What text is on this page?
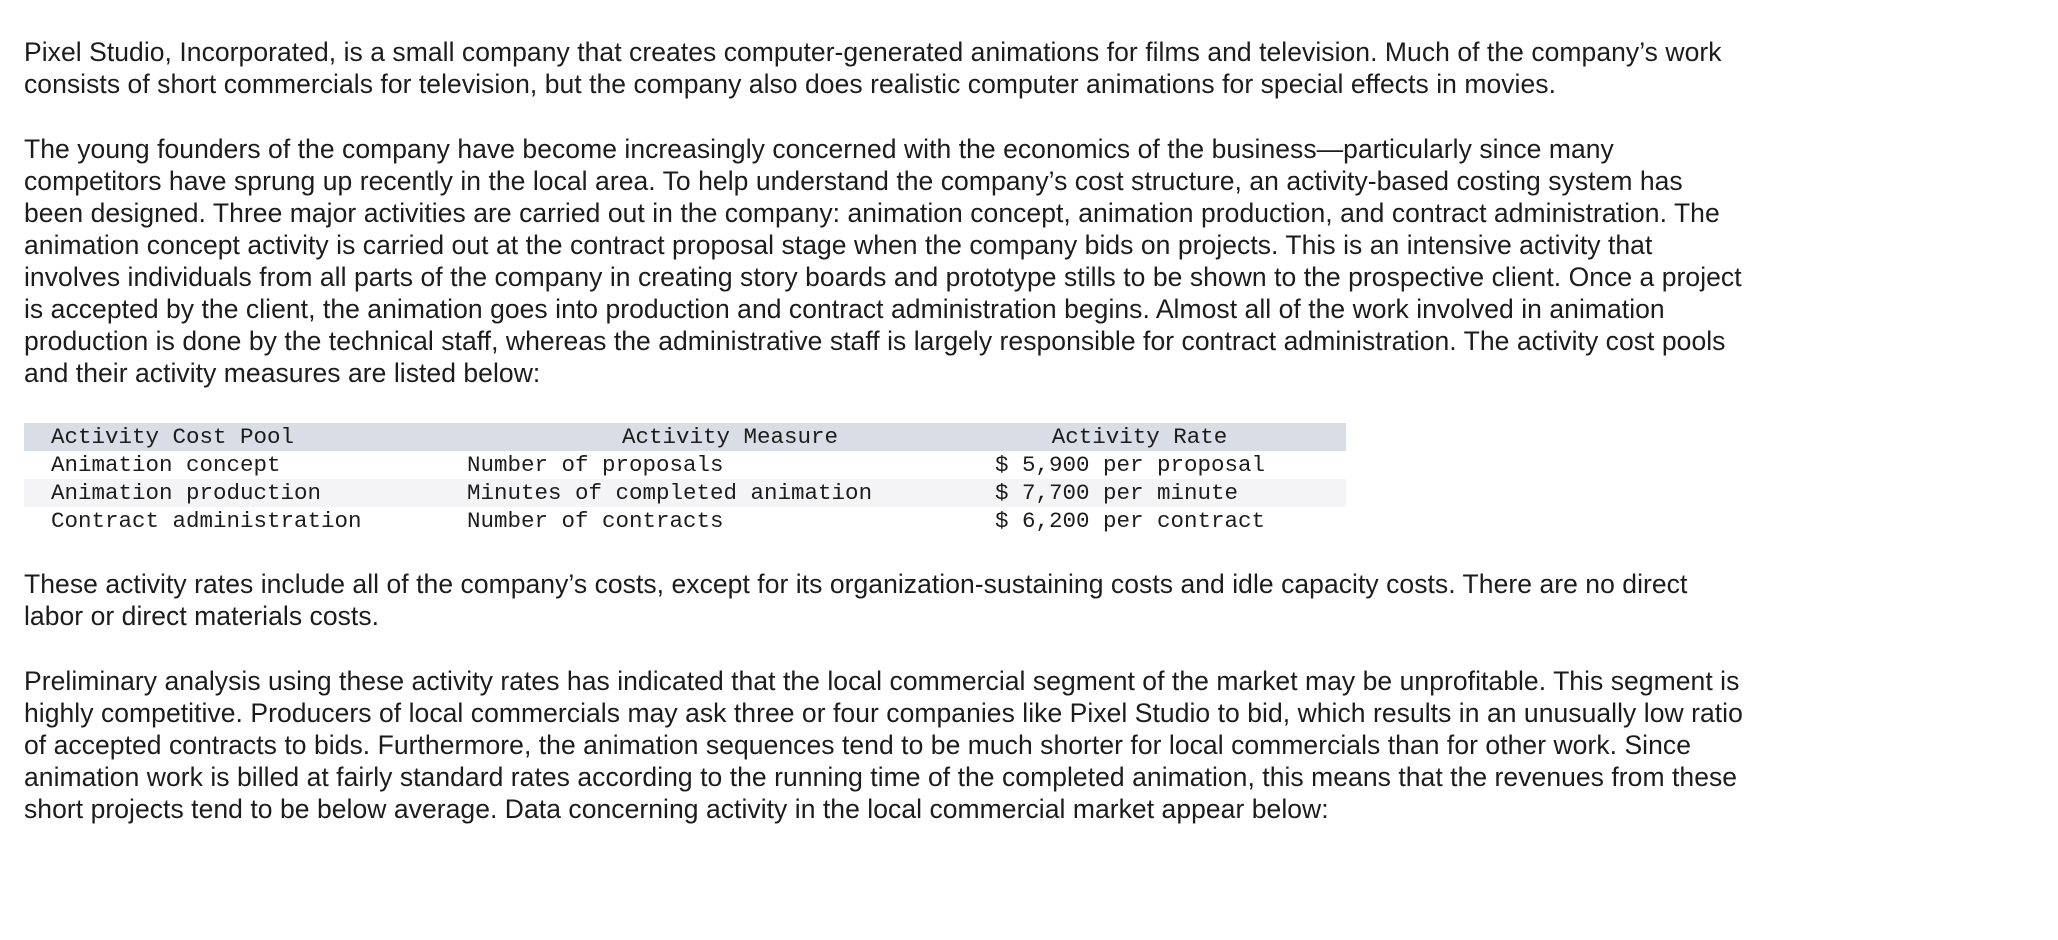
Pixel Studio, Incorporated, is a small company that creates computer-generated animations for films and television. Much of the company’s work consists of short commercials for television, but the company also does realistic computer animations for special effects in movies.

The young founders of the company have become increasingly concerned with the economics of the business—particularly since many competitors have sprung up recently in the local area. To help understand the company’s cost structure, an activity-based costing system has been designed. Three major activities are carried out in the company: animation concept, animation production, and contract administration. The animation concept activity is carried out at the contract proposal stage when the company bids on projects. This is an intensive activity that involves individuals from all parts of the company in creating story boards and prototype stills to be shown to the prospective client. Once a project is accepted by the client, the animation goes into production and contract administration begins. Almost all of the work involved in animation production is done by the technical staff, whereas the administrative staff is largely responsible for contract administration. The activity cost pools and their activity measures are listed below:

Activity Cost Pool	Activity Measure	Activity Rate
Animation concept	Number of proposals	$ 5,900 per proposal
Animation production	Minutes of completed animation	$ 7,700 per minute
Contract administration	Number of contracts	$ 6,200 per contract

These activity rates include all of the company’s costs, except for its organization-sustaining costs and idle capacity costs. There are no direct labor or direct materials costs.

Preliminary analysis using these activity rates has indicated that the local commercial segment of the market may be unprofitable. This segment is highly competitive. Producers of local commercials may ask three or four companies like Pixel Studio to bid, which results in an unusually low ratio of accepted contracts to bids. Furthermore, the animation sequences tend to be much shorter for local commercials than for other work. Since animation work is billed at fairly standard rates according to the running time of the completed animation, this means that the revenues from these short projects tend to be below average. Data concerning activity in the local commercial market appear below:
